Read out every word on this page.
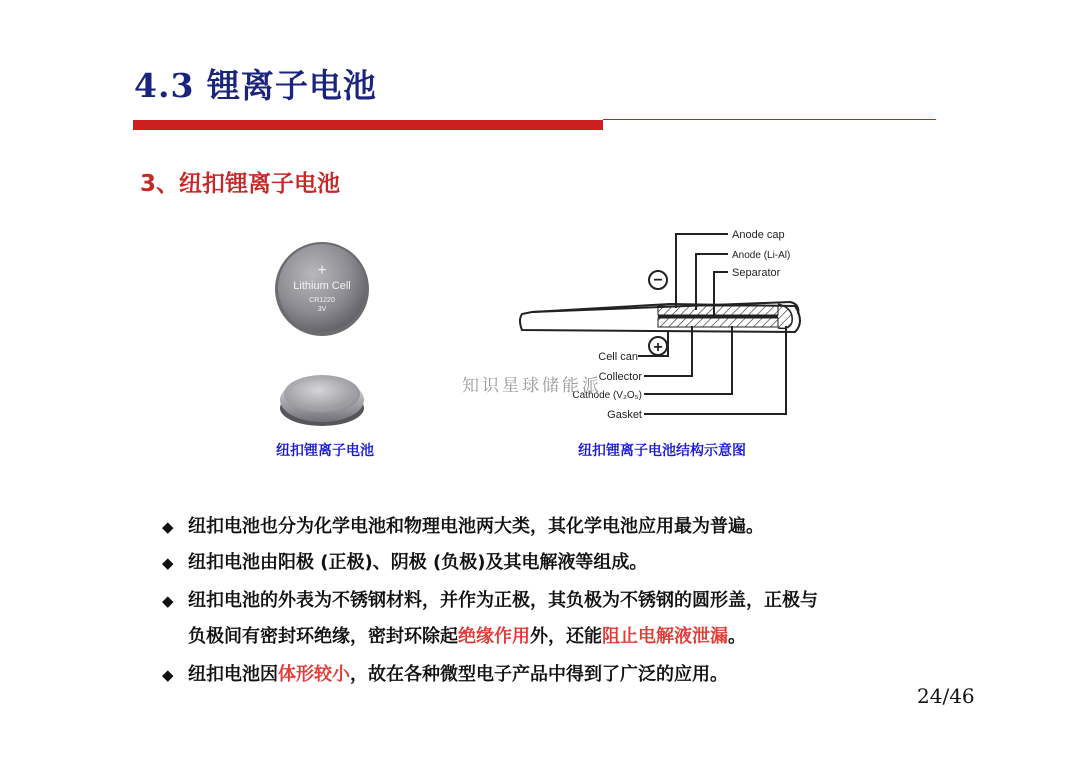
4.3 锂离子电池
3、纽扣锂离子电池
+
Lithium Cell
CR1220
3V
纽扣锂离子电池
−
+
Anode cap
Anode (Li-Al)
Separator
Cell can
Collector
Cathode (V₂O₅)
Gasket
纽扣锂离子电池结构示意图
知识星球储能派
◆ 纽扣电池也分为化学电池和物理电池两大类，其化学电池应用最为普遍。
◆ 纽扣电池由阳极 (正极)、阴极 (负极)及其电解液等组成。
◆ 纽扣电池的外表为不锈钢材料，并作为正极，其负极为不锈钢的圆形盖，正极与
负极间有密封环绝缘，密封环除起绝缘作用外，还能阻止电解液泄漏。
◆ 纽扣电池因体形较小，故在各种微型电子产品中得到了广泛的应用。
24/46
